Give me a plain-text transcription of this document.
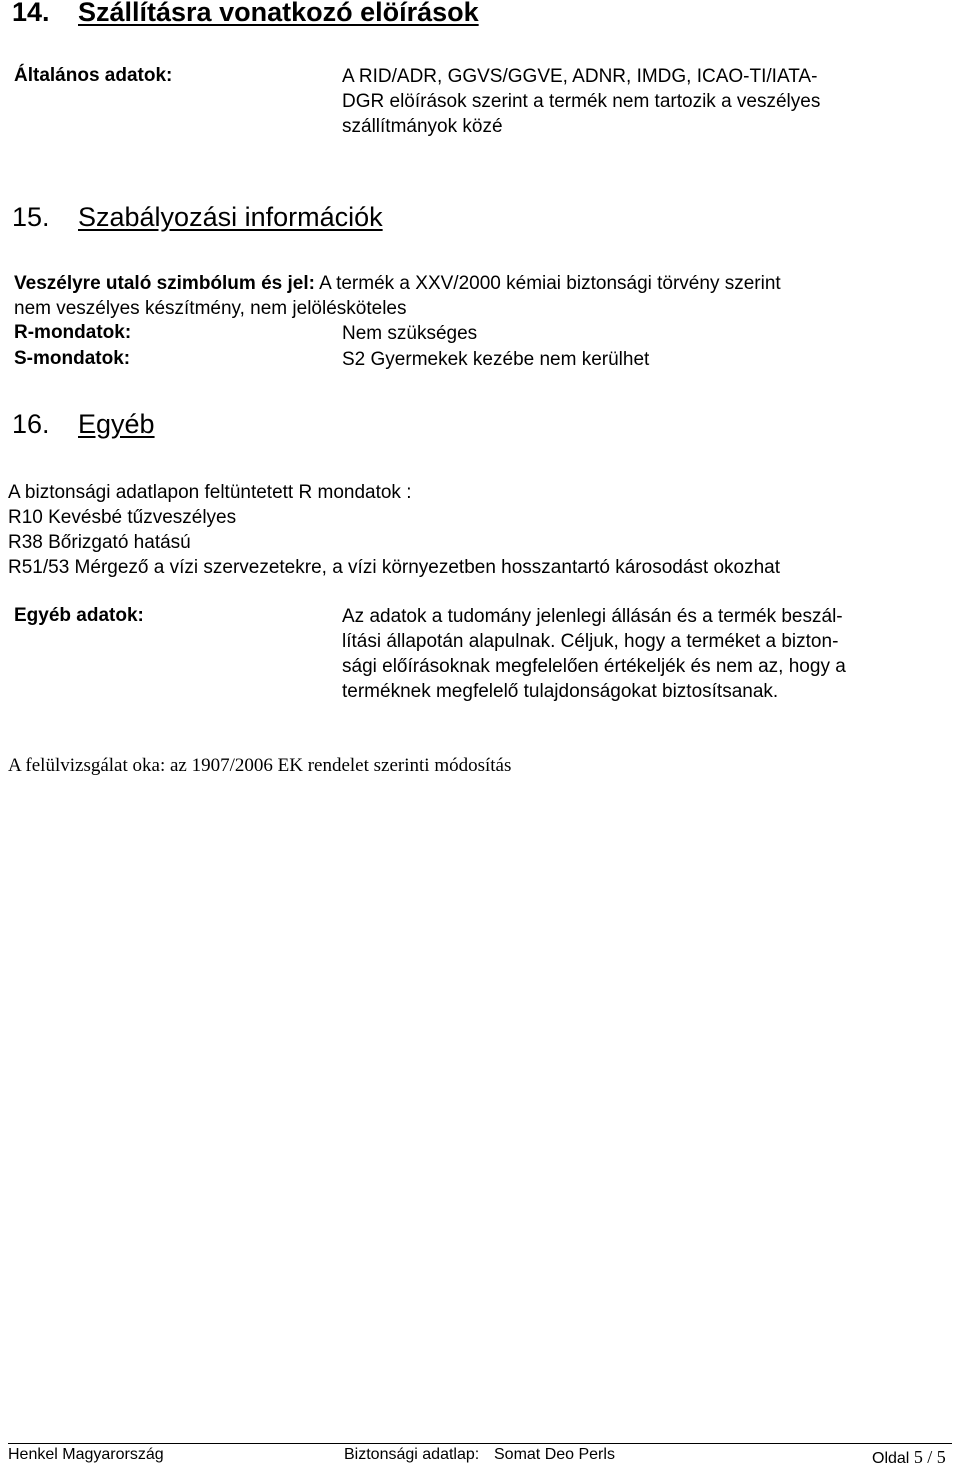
14. Szállításra vonatkozó elöírások
Általános adatok:	A RID/ADR, GGVS/GGVE, ADNR, IMDG, ICAO-TI/IATA-
DGR elöírások szerint a termék nem tartozik a veszélyes
szállítmányok közé
15. Szabályozási információk
Veszélyre utaló szimbólum és jel: A termék a XXV/2000 kémiai biztonsági törvény szerint
nem veszélyes készítmény, nem jelölésköteles
R-mondatok:	Nem szükséges
S-mondatok:	S2 Gyermekek kezébe nem kerülhet
16. Egyéb
A biztonsági adatlapon feltüntetett R mondatok :
R10 Kevésbé tűzveszélyes
R38 Bőrizgató hatású
R51/53 Mérgező a vízi szervezetekre, a vízi környezetben hosszantartó károsodást okozhat
Egyéb adatok:	Az adatok a tudomány jelenlegi állásán és a termék beszál-
lítási állapotán alapulnak. Céljuk, hogy a terméket a bizton-
sági előírásoknak megfelelően értékeljék és nem az, hogy a
terméknek megfelelő tulajdonságokat biztosítsanak.
A felülvizsgálat oka: az 1907/2006 EK rendelet szerinti módosítás
Henkel Magyarország	Biztonsági adatlap: Somat Deo Perls	Oldal 5 / 5
